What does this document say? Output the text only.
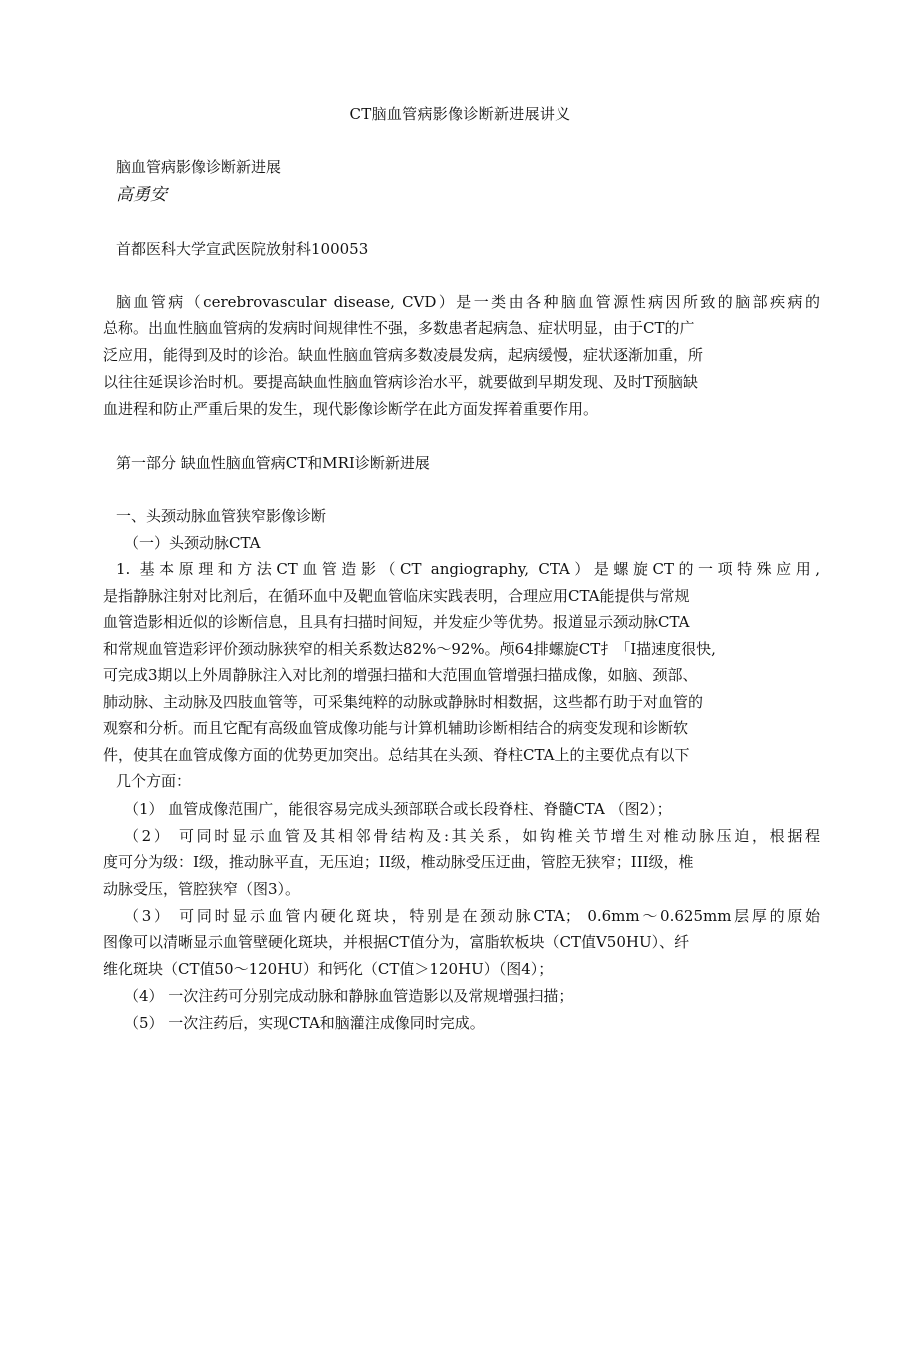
CT脑血管病影像诊断新进展讲义
脑血管病影像诊断新进展
高勇安
首都医科大学宣武医院放射科100053
脑血管病（cerebrovascular disease, CVD）是一类由各种脑血管源性病因所致的脑部疾病的
总称。出血性脑血管病的发病时间规律性不强，多数患者起病急、症状明显，由于CT的广
泛应用，能得到及时的诊治。缺血性脑血管病多数凌晨发病，起病缓慢，症状逐渐加重，所
以往往延误诊治时机。要提高缺血性脑血管病诊治水平，就要做到早期发现、及时T预脑缺
血进程和防止严重后果的发生，现代影像诊断学在此方面发挥着重要作用。
第一部分 缺血性脑血管病CT和MRI诊断新进展
一、头颈动脉血管狭窄影像诊断
（一）头颈动脉CTA
1. 基本原理和方法CT血管造影（CT angiography, CTA）是螺旋CT的一项特殊应用,
是指静脉注射对比剂后，在循环血中及靶血管临床实践表明，合理应用CTA能提供与常规
血管造影相近似的诊断信息，且具有扫描时间短，并发症少等优势。报道显示颈动脉CTA
和常规血管造彩评价颈动脉狭窄的相关系数达82%～92%。颅64排螺旋CT扌「I描速度很快,
可完成3期以上外周静脉注入对比剂的增强扫描和大范围血管增强扫描成像，如脑、颈部、
肺动脉、主动脉及四肢血管等，可采集纯粹的动脉或静脉时相数据，这些都冇助于对血管的
观察和分析。而且它配有高级血管成像功能与计算机辅助诊断相结合的病变发现和诊断软
件，使其在血管成像方面的优势更加突出。总结其在头颈、脊柱CTA上的主要优点有以下
几个方面：
（1） 血管成像范围广，能很容易完成头颈部联合或长段脊柱、脊髓CTA （图2）；
（2） 可同时显示血管及其相邻骨结构及:其关系，如钩椎关节增生对椎动脉压迫，根据程
度可分为级：I级，推动脉平直，无压迫；II级，椎动脉受压迂曲，管腔无狭窄；III级，椎
动脉受压，管腔狭窄（图3）。
（3） 可同时显示血管内硬化斑块，特别是在颈动脉CTA； 0.6mm～0.625mm层厚的原始
图像可以清晰显示血管壁硬化斑块，并根据CT值分为，富脂软板块（CT值V50HU）、纤
维化斑块（CT值50～120HU）和钙化（CT值＞120HU）（图4）；
（4） 一次注药可分别完成动脉和静脉血管造影以及常规增强扫描；
（5） 一次注药后，实现CTA和脑灌注成像同时完成。
